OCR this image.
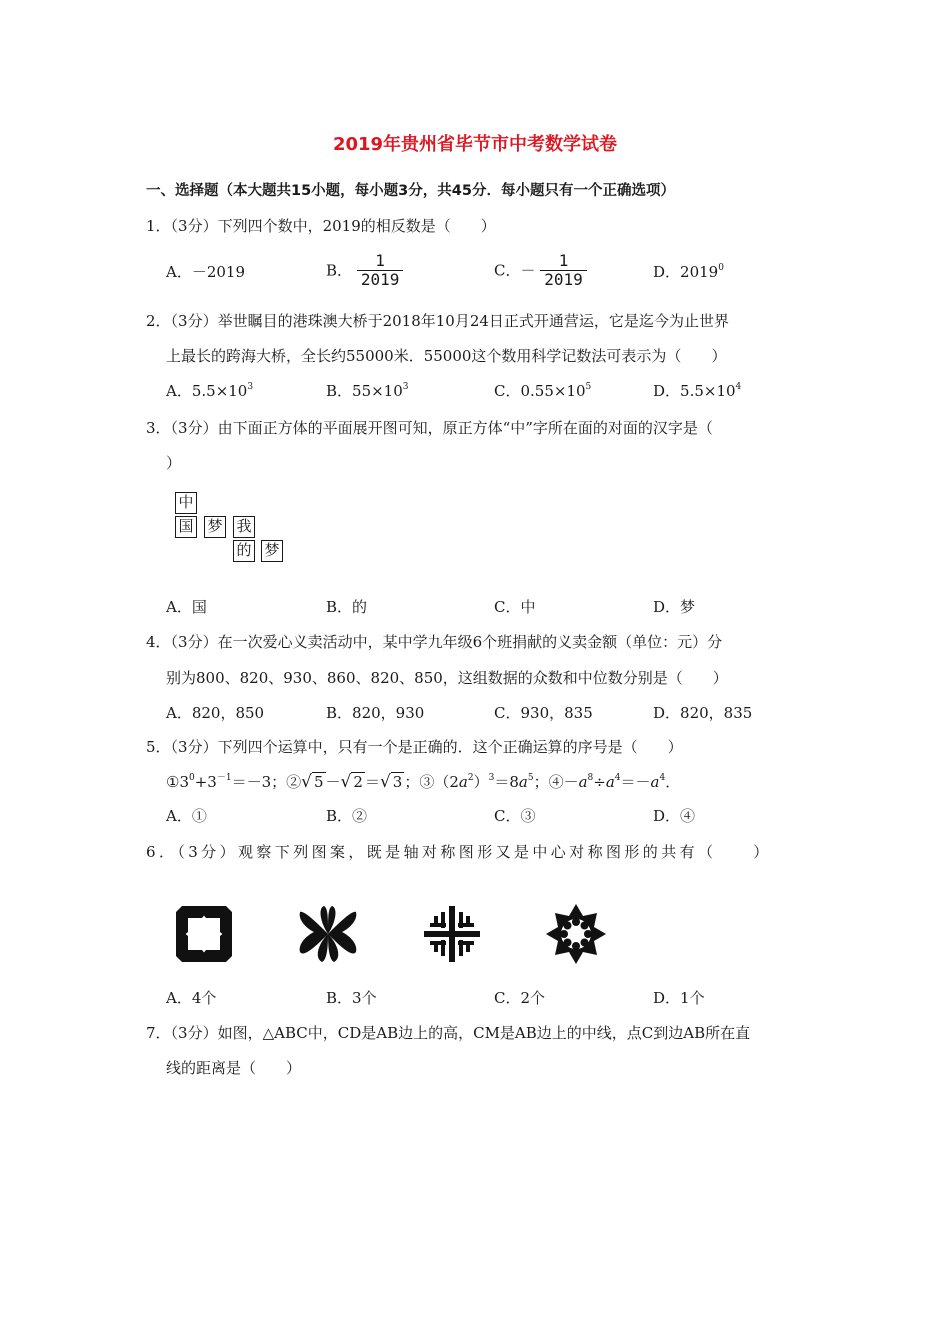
2019年贵州省毕节市中考数学试卷
一、选择题（本大题共15小题，每小题3分，共45分．每小题只有一个正确选项）
1．（3分）下列四个数中，2019的相反数是（　　）
A．－2019	B． $\frac{1}{2019}$	C．－ $\frac{1}{2019}$	D．2019$^0$
2．（3分）举世瞩目的港珠澳大桥于2018年10月24日正式开通营运，它是迄今为止世界
上最长的跨海大桥，全长约55000米．55000这个数用科学记数法可表示为（　　）
A．$5.5\times 10^3$	B．$55\times 10^3$	C．$0.55\times 10^5$	D．$5.5\times 10^4$
3．（3分）由下面正方体的平面展开图可知，原正方体“中”字所在面的对面的汉字是（
）
中
国 梦 我
的 梦
A．国	B．的	C．中	D．梦
4．（3分）在一次爱心义卖活动中，某中学九年级6个班捐献的义卖金额（单位：元）分
别为800、820、930、860、820、850，这组数据的众数和中位数分别是（　　）
A．820，850	B．820，930	C．930，835	D．820，835
5．（3分）下列四个运算中，只有一个是正确的．这个正确运算的序号是（　　）
$①3^0+3^{-1}=-3$；②√ 5 －√ 2 ＝√ 3 ；$③(2a^2)^3=8a^5$；$④-a^8\div a^4=-a^4$．
A．①	B．②	C．③	D．④
6．（3分）观察下列图案，既是轴对称图形又是中心对称图形的共有（　　）
A．4个	B．3个	C．2个	D．1个
7．（3分）如图，△ABC中，CD是AB边上的高，CM是AB边上的中线，点C到边AB所在直
线的距离是（　　）
